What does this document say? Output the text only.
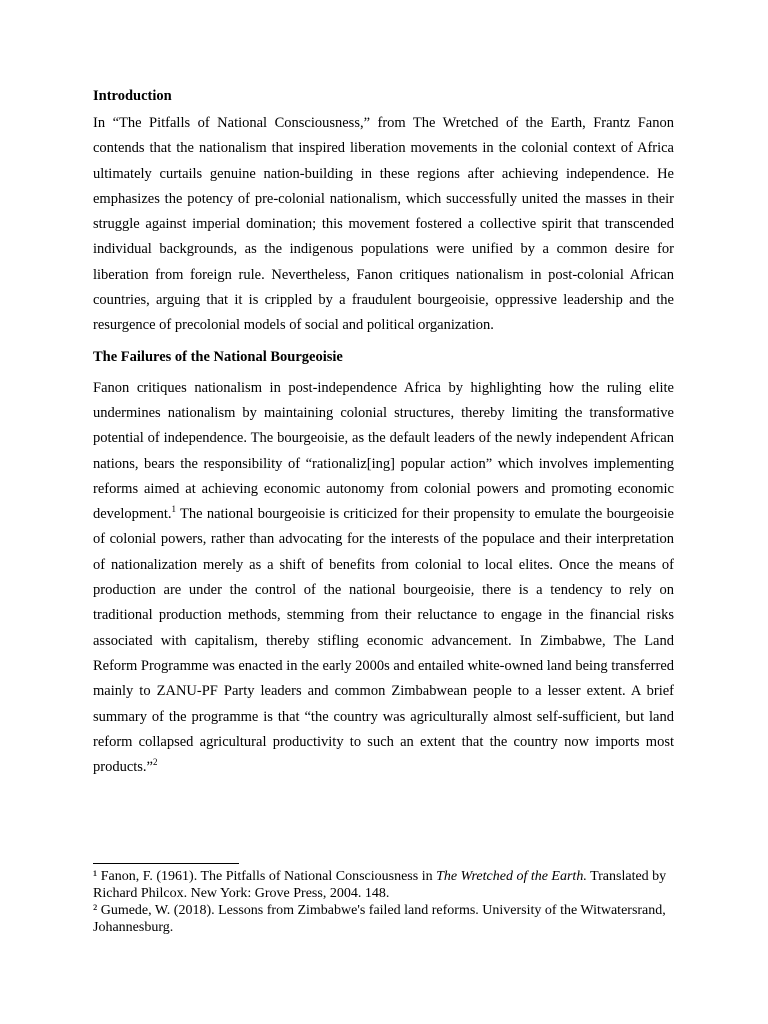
Introduction

In “The Pitfalls of National Consciousness,” from The Wretched of the Earth, Frantz Fanon contends that the nationalism that inspired liberation movements in the colonial context of Africa ultimately curtails genuine nation-building in these regions after achieving independence. He emphasizes the potency of pre-colonial nationalism, which successfully united the masses in their struggle against imperial domination; this movement fostered a collective spirit that transcended individual backgrounds, as the indigenous populations were unified by a common desire for liberation from foreign rule. Nevertheless, Fanon critiques nationalism in post-colonial African countries, arguing that it is crippled by a fraudulent bourgeoisie, oppressive leadership and the resurgence of precolonial models of social and political organization.

The Failures of the National Bourgeoisie

Fanon critiques nationalism in post-independence Africa by highlighting how the ruling elite undermines nationalism by maintaining colonial structures, thereby limiting the transformative potential of independence. The bourgeoisie, as the default leaders of the newly independent African nations, bears the responsibility of “rationaliz[ing] popular action” which involves implementing reforms aimed at achieving economic autonomy from colonial powers and promoting economic development.$^1$ The national bourgeoisie is criticized for their propensity to emulate the bourgeoisie of colonial powers, rather than advocating for the interests of the populace and their interpretation of nationalization merely as a shift of benefits from colonial to local elites. Once the means of production are under the control of the national bourgeoisie, there is a tendency to rely on traditional production methods, stemming from their reluctance to engage in the financial risks associated with capitalism, thereby stifling economic advancement. In Zimbabwe, The Land Reform Programme was enacted in the early 2000s and entailed white-owned land being transferred mainly to ZANU-PF Party leaders and common Zimbabwean people to a lesser extent. A brief summary of the programme is that “the country was agriculturally almost self-sufficient, but land reform collapsed agricultural productivity to such an extent that the country now imports most products.”$^2$

¹ Fanon, F. (1961). The Pitfalls of National Consciousness in The Wretched of the Earth. Translated by Richard Philcox. New York: Grove Press, 2004. 148.

² Gumede, W. (2018). Lessons from Zimbabwe's failed land reforms. University of the Witwatersrand, Johannesburg.
